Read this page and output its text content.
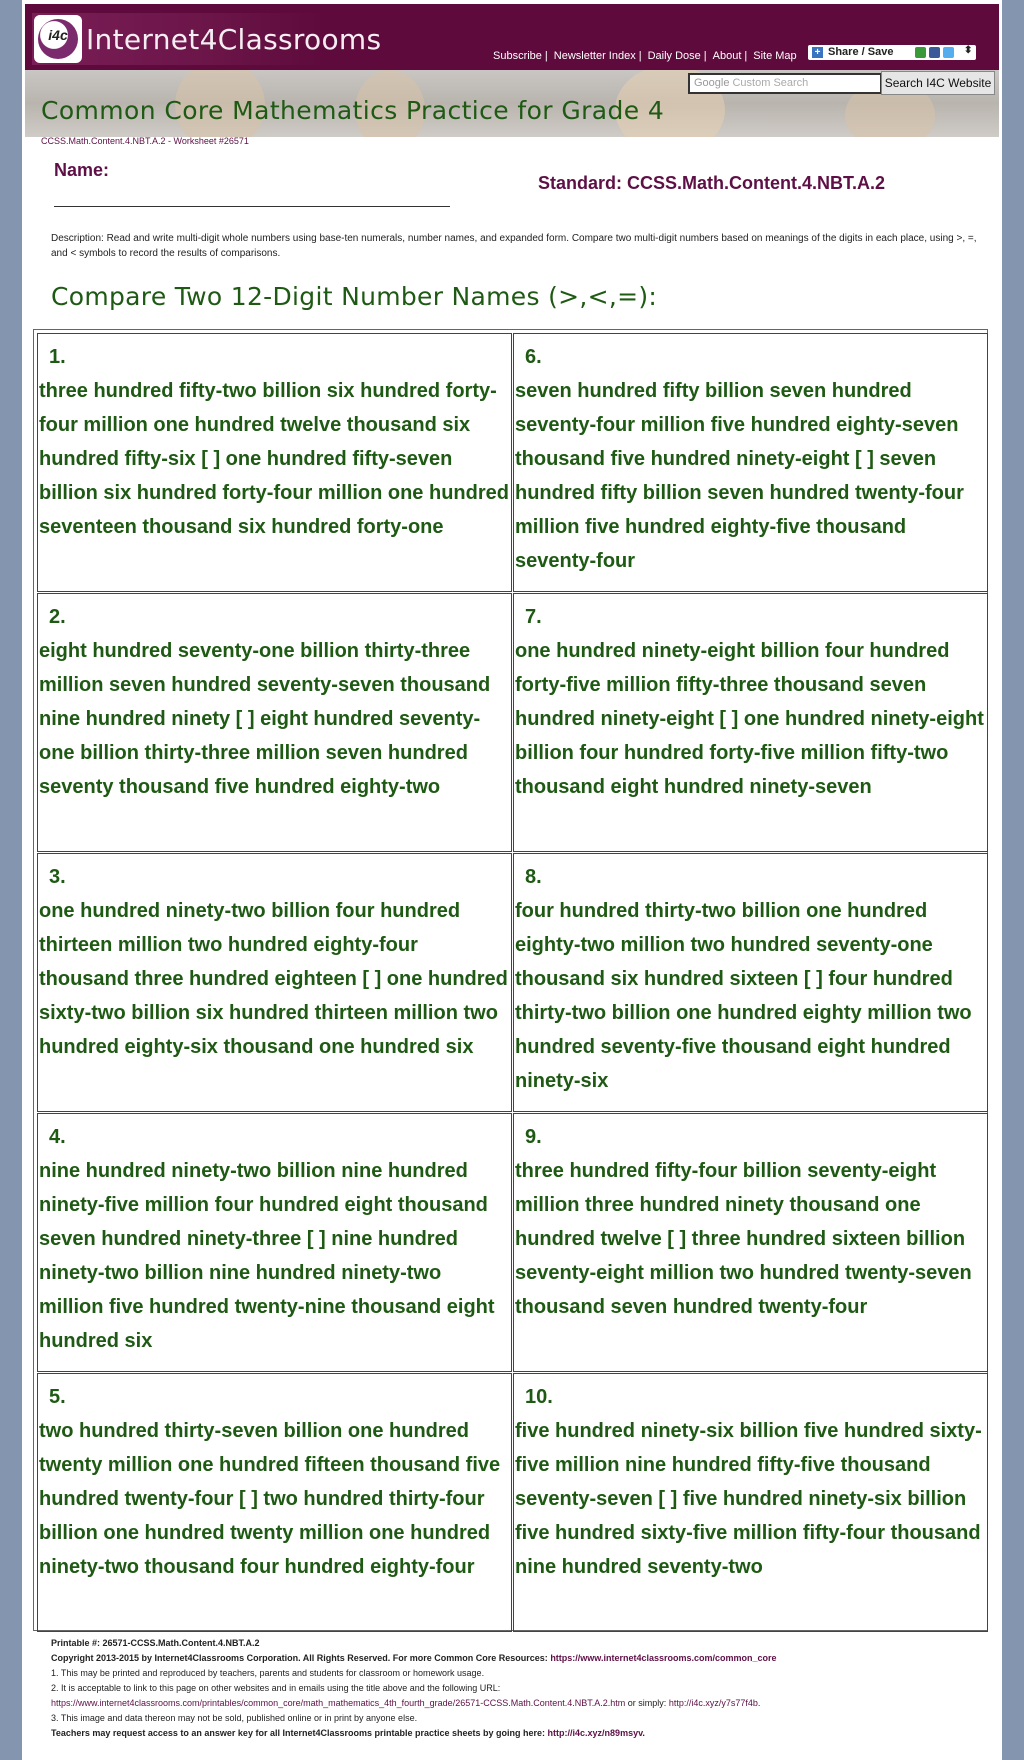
i4c Internet4Classrooms	Subscribe | Newsletter Index | Daily Dose | About | Site Map + Share / Save	⬍
Google Custom Search	Search I4C Website
Common Core Mathematics Practice for Grade 4
CCSS.Math.Content.4.NBT.A.2 - Worksheet #26571
Name:
Standard: CCSS.Math.Content.4.NBT.A.2
Description: Read and write multi-digit whole numbers using base-ten numerals, number names, and expanded form. Compare two multi-digit numbers based on meanings of the digits in each place, using >, =, and < symbols to record the results of comparisons.
Compare Two 12-Digit Number Names (>,<,=):
1.
three hundred fifty-two billion six hundred forty-four million one hundred twelve thousand six hundred fifty-six [ ] one hundred fifty-seven billion six hundred forty-four million one hundred seventeen thousand six hundred forty-one
2.
eight hundred seventy-one billion thirty-three million seven hundred seventy-seven thousand nine hundred ninety [ ] eight hundred seventy-one billion thirty-three million seven hundred seventy thousand five hundred eighty-two
3.
one hundred ninety-two billion four hundred thirteen million two hundred eighty-four thousand three hundred eighteen [ ] one hundred sixty-two billion six hundred thirteen million two hundred eighty-six thousand one hundred six
4.
nine hundred ninety-two billion nine hundred ninety-five million four hundred eight thousand seven hundred ninety-three [ ] nine hundred ninety-two billion nine hundred ninety-two million five hundred twenty-nine thousand eight hundred six
5.
two hundred thirty-seven billion one hundred twenty million one hundred fifteen thousand five hundred twenty-four [ ] two hundred thirty-four billion one hundred twenty million one hundred ninety-two thousand four hundred eighty-four
6.
seven hundred fifty billion seven hundred seventy-four million five hundred eighty-seven thousand five hundred ninety-eight [ ] seven hundred fifty billion seven hundred twenty-four million five hundred eighty-five thousand seventy-four
7.
one hundred ninety-eight billion four hundred forty-five million fifty-three thousand seven hundred ninety-eight [ ] one hundred ninety-eight billion four hundred forty-five million fifty-two thousand eight hundred ninety-seven
8.
four hundred thirty-two billion one hundred eighty-two million two hundred seventy-one thousand six hundred sixteen [ ] four hundred thirty-two billion one hundred eighty million two hundred seventy-five thousand eight hundred ninety-six
9.
three hundred fifty-four billion seventy-eight million three hundred ninety thousand one hundred twelve [ ] three hundred sixteen billion seventy-eight million two hundred twenty-seven thousand seven hundred twenty-four
10.
five hundred ninety-six billion five hundred sixty-five million nine hundred fifty-five thousand seventy-seven [ ] five hundred ninety-six billion five hundred sixty-five million fifty-four thousand nine hundred seventy-two
Printable #: 26571-CCSS.Math.Content.4.NBT.A.2
Copyright 2013-2015 by Internet4Classrooms Corporation. All Rights Reserved. For more Common Core Resources: https://www.internet4classrooms.com/common_core
1. This may be printed and reproduced by teachers, parents and students for classroom or homework usage.
2. It is acceptable to link to this page on other websites and in emails using the title above and the following URL:
https://www.internet4classrooms.com/printables/common_core/math_mathematics_4th_fourth_grade/26571-CCSS.Math.Content.4.NBT.A.2.htm or simply: http://i4c.xyz/y7s77f4b.
3. This image and data thereon may not be sold, published online or in print by anyone else.
Teachers may request access to an answer key for all Internet4Classrooms printable practice sheets by going here: http://i4c.xyz/n89msyv.
